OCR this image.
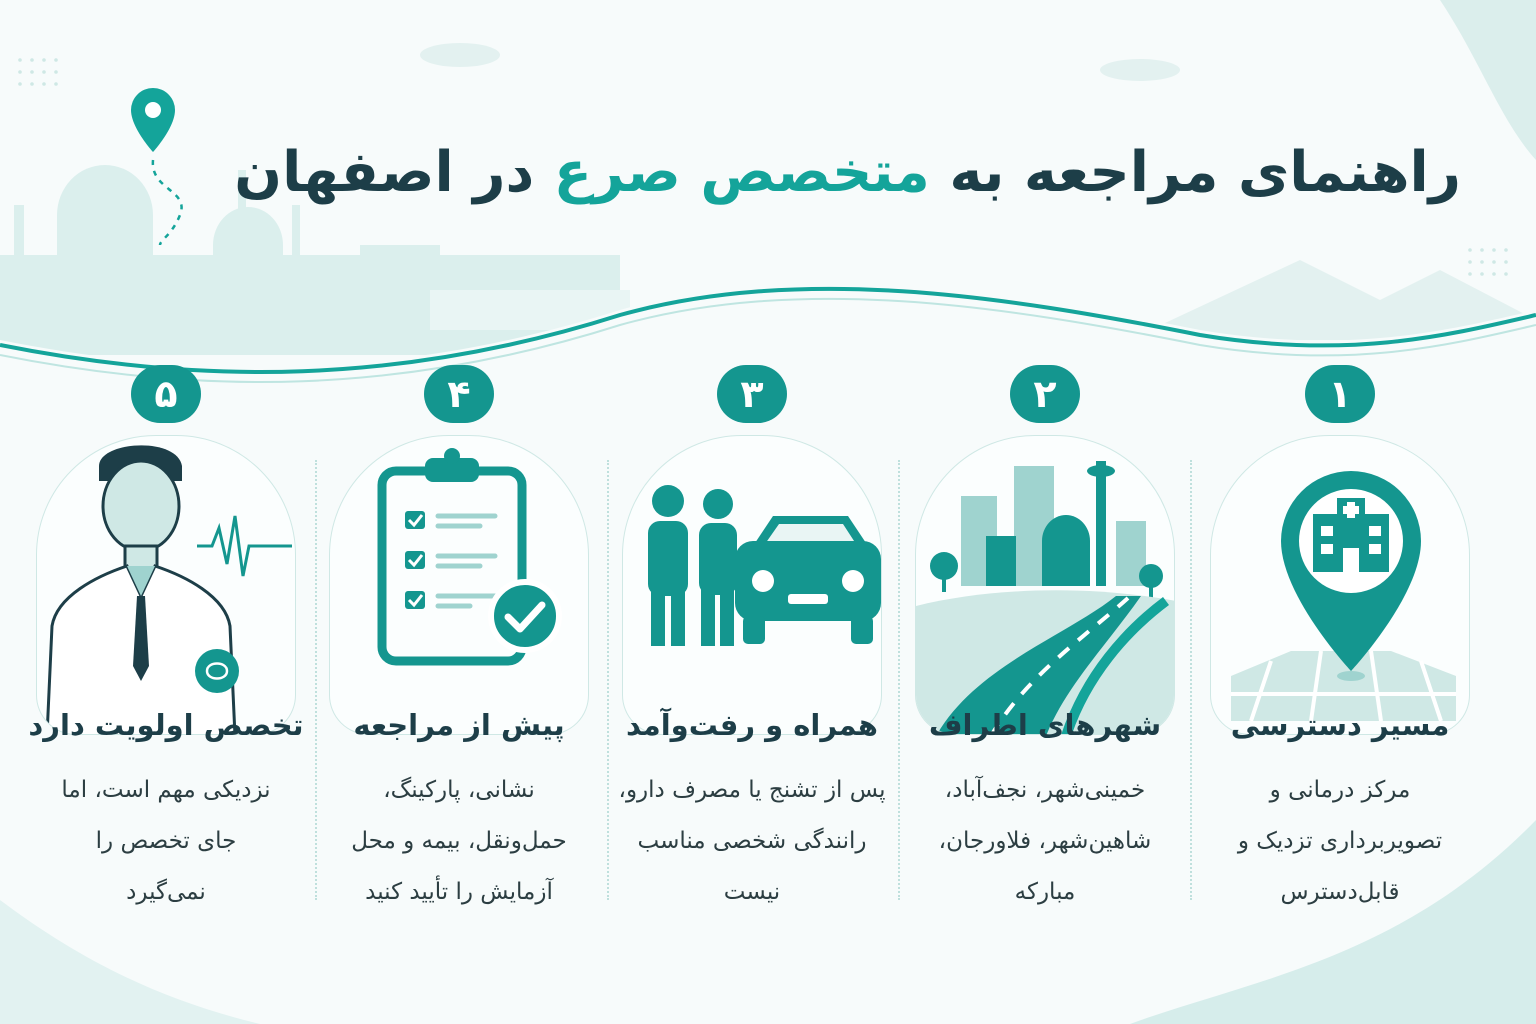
راهنمای مراجعه به متخصص صرع در اصفهان
۱
مسیر دسترسی
مرکز درمانی و
تصویربرداری تزدیک و
قابل‌دسترس
۲
شهرهای اطراف
خمینی‌شهر، نجف‌آباد،
شاهین‌شهر، فلاورجان،
مبارکه
۳
همراه و رفت‌وآمد
پس از تشنج یا مصرف دارو،
رانندگی شخصی مناسب
نیست
۴
پیش از مراجعه
نشانی، پارکینگ،
حمل‌ونقل، بیمه و محل
آزمایش را تأیید کنید
۵
تخصص اولویت دارد
نزدیکی مهم است، اما
جای تخصص را
نمی‌گیرد
